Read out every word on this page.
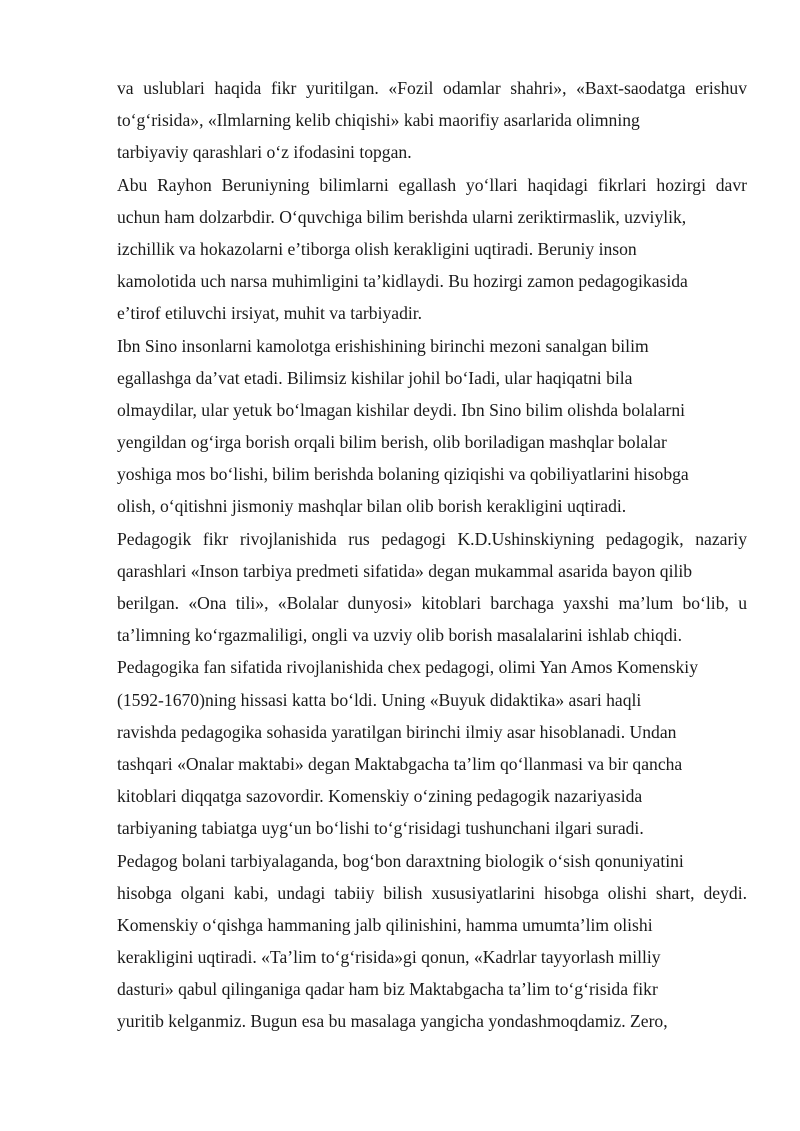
va uslublari haqida fikr yuritilgan. «Fozil odamlar shahri», «Baxt-saodatga erishuv
to‘g‘risida», «Ilmlarning kelib chiqishi» kabi maorifiy asarlarida olimning
tarbiyaviy qarashlari o‘z ifodasini topgan.
Abu Rayhon Beruniyning bilimlarni egallash yo‘llari haqidagi fikrlari hozirgi davr
uchun ham dolzarbdir. O‘quvchiga bilim berishda ularni zeriktirmaslik, uzviylik,
izchillik va hokazolarni e’tiborga olish kerakligini uqtiradi. Beruniy inson
kamolotida uch narsa muhimligini ta’kidlaydi. Bu hozirgi zamon pedagogikasida
e’tirof etiluvchi irsiyat, muhit va tarbiyadir.
Ibn Sino insonlarni kamolotga erishishining birinchi mezoni sanalgan bilim
egallashga da’vat etadi. Bilimsiz kishilar johil bo‘Iadi, ular haqiqatni bila
olmaydilar, ular yetuk bo‘lmagan kishilar deydi. Ibn Sino bilim olishda bolalarni
yengildan og‘irga borish orqali bilim berish, olib boriladigan mashqlar bolalar
yoshiga mos bo‘lishi, bilim berishda bolaning qiziqishi va qobiliyatlarini hisobga
olish, o‘qitishni jismoniy mashqlar bilan olib borish kerakligini uqtiradi.
Pedagogik fikr rivojlanishida rus pedagogi K.D.Ushinskiyning pedagogik, nazariy
qarashlari «Inson tarbiya predmeti sifatida» degan mukammal asarida bayon qilib
berilgan. «Ona tili», «Bolalar dunyosi» kitoblari barchaga yaxshi ma’lum bo‘lib, u
ta’limning ko‘rgazmaliligi, ongli va uzviy olib borish masalalarini ishlab chiqdi.
Pedagogika fan sifatida rivojlanishida chex pedagogi, olimi Yan Amos Komenskiy
(1592-1670)ning hissasi katta bo‘ldi. Uning «Buyuk didaktika» asari haqli
ravishda pedagogika sohasida yaratilgan birinchi ilmiy asar hisoblanadi. Undan
tashqari «Onalar maktabi» degan Maktabgacha ta’lim qo‘llanmasi va bir qancha
kitoblari diqqatga sazovordir. Komenskiy o‘zining pedagogik nazariyasida
tarbiyaning tabiatga uyg‘un bo‘lishi to‘g‘risidagi tushunchani ilgari suradi.
Pedagog bolani tarbiyalaganda, bog‘bon daraxtning biologik o‘sish qonuniyatini
hisobga olgani kabi, undagi tabiiy bilish xususiyatlarini hisobga olishi shart, deydi.
Komenskiy o‘qishga hammaning jalb qilinishini, hamma umumta’lim olishi
kerakligini uqtiradi. «Ta’lim to‘g‘risida»gi qonun, «Kadrlar tayyorlash milliy
dasturi» qabul qilinganiga qadar ham biz Maktabgacha ta’lim to‘g‘risida fikr
yuritib kelganmiz. Bugun esa bu masalaga yangicha yondashmoqdamiz. Zero,
